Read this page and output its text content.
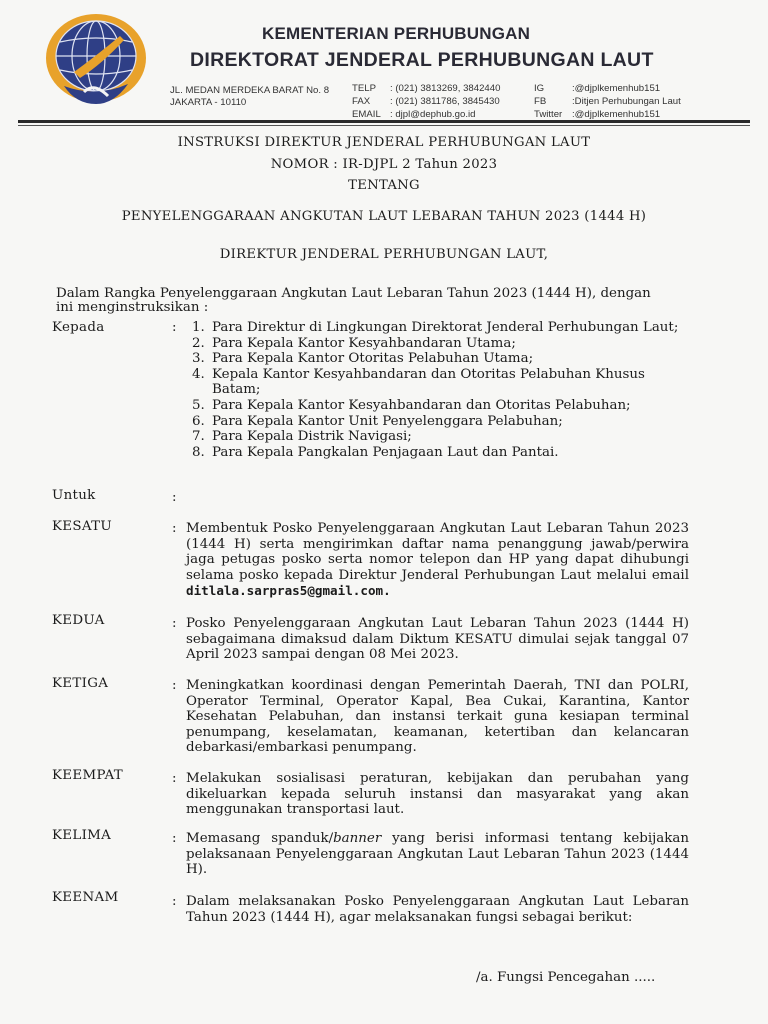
KEMENTERIAN PERHUBUNGAN
DIREKTORAT JENDERAL PERHUBUNGAN LAUT
JL. MEDAN MERDEKA BARAT No. 8
JAKARTA - 10110
TELP : (021) 3813269, 3842440
FAX : (021) 3811786, 3845430
EMAIL : djpl@dephub.go.id
IG	:@djplkemenhub151
FB	:Ditjen Perhubungan Laut
Twitter :@djplkemenhub151
INSTRUKSI DIREKTUR JENDERAL PERHUBUNGAN LAUT
NOMOR : IR-DJPL 2 Tahun 2023
TENTANG
PENYELENGGARAAN ANGKUTAN LAUT LEBARAN TAHUN 2023 (1444 H)
DIREKTUR JENDERAL PERHUBUNGAN LAUT,
Dalam Rangka Penyelenggaraan Angkutan Laut Lebaran Tahun 2023 (1444 H), dengan
ini menginstruksikan :
Kepada	: 1. Para Direktur di Lingkungan Direktorat Jenderal Perhubungan Laut;
2. Para Kepala Kantor Kesyahbandaran Utama;
3. Para Kepala Kantor Otoritas Pelabuhan Utama;
4. Kepala Kantor Kesyahbandaran dan Otoritas Pelabuhan Khusus Batam;
5. Para Kepala Kantor Kesyahbandaran dan Otoritas Pelabuhan;
6. Para Kepala Kantor Unit Penyelenggara Pelabuhan;
7. Para Kepala Distrik Navigasi;
8. Para Kepala Pangkalan Penjagaan Laut dan Pantai.
Untuk	:
KESATU	: Membentuk Posko Penyelenggaraan Angkutan Laut Lebaran Tahun 2023 (1444 H) serta mengirimkan daftar nama penanggung jawab/perwira jaga petugas posko serta nomor telepon dan HP yang dapat dihubungi selama posko kepada Direktur Jenderal Perhubungan Laut melalui email ditlala.sarpras5@gmail.com.
KEDUA	: Posko Penyelenggaraan Angkutan Laut Lebaran Tahun 2023 (1444 H) sebagaimana dimaksud dalam Diktum KESATU dimulai sejak tanggal 07 April 2023 sampai dengan 08 Mei 2023.
KETIGA	: Meningkatkan koordinasi dengan Pemerintah Daerah, TNI dan POLRI, Operator Terminal, Operator Kapal, Bea Cukai, Karantina, Kantor Kesehatan Pelabuhan, dan instansi terkait guna kesiapan terminal penumpang, keselamatan, keamanan, ketertiban dan kelancaran debarkasi/embarkasi penumpang.
KEEMPAT	: Melakukan sosialisasi peraturan, kebijakan dan perubahan yang dikeluarkan kepada seluruh instansi dan masyarakat yang akan menggunakan transportasi laut.
KELIMA	: Memasang spanduk/banner yang berisi informasi tentang kebijakan pelaksanaan Penyelenggaraan Angkutan Laut Lebaran Tahun 2023 (1444 H).
KEENAM	: Dalam melaksanakan Posko Penyelenggaraan Angkutan Laut Lebaran Tahun 2023 (1444 H), agar melaksanakan fungsi sebagai berikut:
/a. Fungsi Pencegahan .....
